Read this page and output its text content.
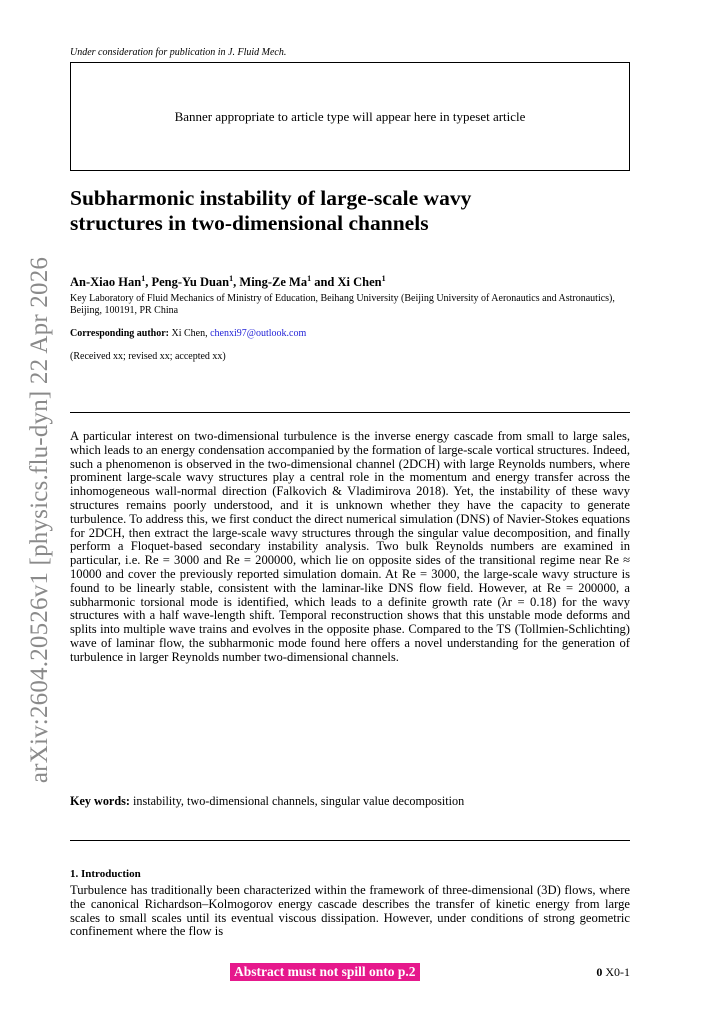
Under consideration for publication in J. Fluid Mech.
Banner appropriate to article type will appear here in typeset article
arXiv:2604.20526v1 [physics.flu-dyn] 22 Apr 2026
Subharmonic instability of large-scale wavy structures in two-dimensional channels
An-Xiao Han$^1$, Peng-Yu Duan$^1$, Ming-Ze Ma$^1$ and Xi Chen$^1$
Key Laboratory of Fluid Mechanics of Ministry of Education, Beihang University (Beijing University of Aeronautics and Astronautics), Beijing, 100191, PR China
Corresponding author: Xi Chen, chenxi97@outlook.com
(Received xx; revised xx; accepted xx)
A particular interest on two-dimensional turbulence is the inverse energy cascade from small to large sales, which leads to an energy condensation accompanied by the formation of large-scale vortical structures. Indeed, such a phenomenon is observed in the two-dimensional channel (2DCH) with large Reynolds numbers, where prominent large-scale wavy structures play a central role in the momentum and energy transfer across the inhomogeneous wall-normal direction (Falkovich & Vladimirova 2018). Yet, the instability of these wavy structures remains poorly understood, and it is unknown whether they have the capacity to generate turbulence. To address this, we first conduct the direct numerical simulation (DNS) of Navier-Stokes equations for 2DCH, then extract the large-scale wavy structures through the singular value decomposition, and finally perform a Floquet-based secondary instability analysis. Two bulk Reynolds numbers are examined in particular, i.e. Re = 3000 and Re = 200000, which lie on opposite sides of the transitional regime near Re ≈ 10000 and cover the previously reported simulation domain. At Re = 3000, the large-scale wavy structure is found to be linearly stable, consistent with the laminar-like DNS flow field. However, at Re = 200000, a subharmonic torsional mode is identified, which leads to a definite growth rate (λr = 0.18) for the wavy structures with a half wave-length shift. Temporal reconstruction shows that this unstable mode deforms and splits into multiple wave trains and evolves in the opposite phase. Compared to the TS (Tollmien-Schlichting) wave of laminar flow, the subharmonic mode found here offers a novel understanding for the generation of turbulence in larger Reynolds number two-dimensional channels.
Key words: instability, two-dimensional channels, singular value decomposition
1. Introduction
Turbulence has traditionally been characterized within the framework of three-dimensional (3D) flows, where the canonical Richardson–Kolmogorov energy cascade describes the transfer of kinetic energy from large scales to small scales until its eventual viscous dissipation. However, under conditions of strong geometric confinement where the flow is
Abstract must not spill onto p.2	0 X0-1
